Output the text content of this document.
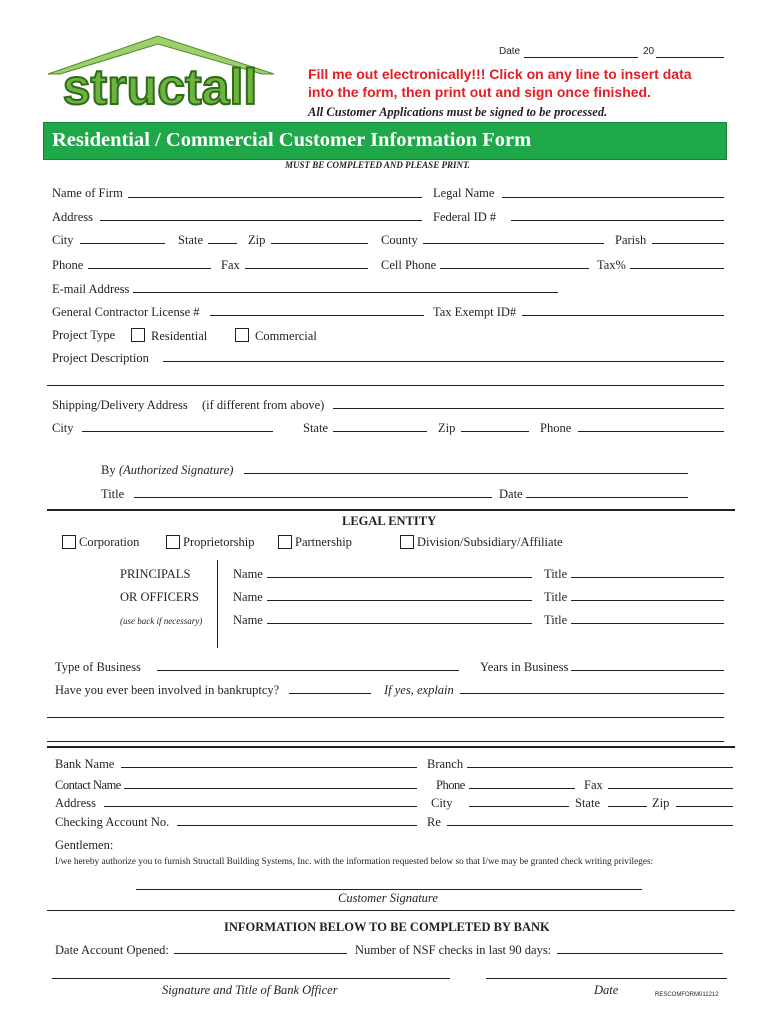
structall
Date	20
Fill me out electronically!!! Click on any line to insert data
into the form, then print out and sign once finished.
All Customer Applications must be signed to be processed.
Residential / Commercial Customer Information Form
MUST BE COMPLETED AND PLEASE PRINT.
Name of Firm	Legal Name
Address	Federal ID #
City	State	Zip	County	Parish
Phone	Fax	Cell Phone	Tax%
E-mail Address
General Contractor License #	Tax Exempt ID#
Project Type	Residential	Commercial
Project Description
Shipping/Delivery Address (if different from above)
City	State	Zip	Phone
By (Authorized Signature)
Title	Date
LEGAL ENTITY
Corporation	Proprietorship	Partnership	Division/Subsidiary/Affiliate
PRINCIPALS
OR OFFICERS
(use back if necessary)
Name	Title
Name	Title
Name	Title
Type of Business	Years in Business
Have you ever been involved in bankruptcy?	If yes, explain
Bank Name	Branch
Contact Name	Phone	Fax
Address	City	State	Zip
Checking Account No.	Re
Gentlemen:
I/we hereby authorize you to furnish Structall Building Systems, Inc. with the information requested below so that I/we may be granted check writing privileges:
Customer Signature
INFORMATION BELOW TO BE COMPLETED BY BANK
Date Account Opened:	Number of NSF checks in last 90 days:
Signature and Title of Bank Officer	Date	RESCOMFORM011212
